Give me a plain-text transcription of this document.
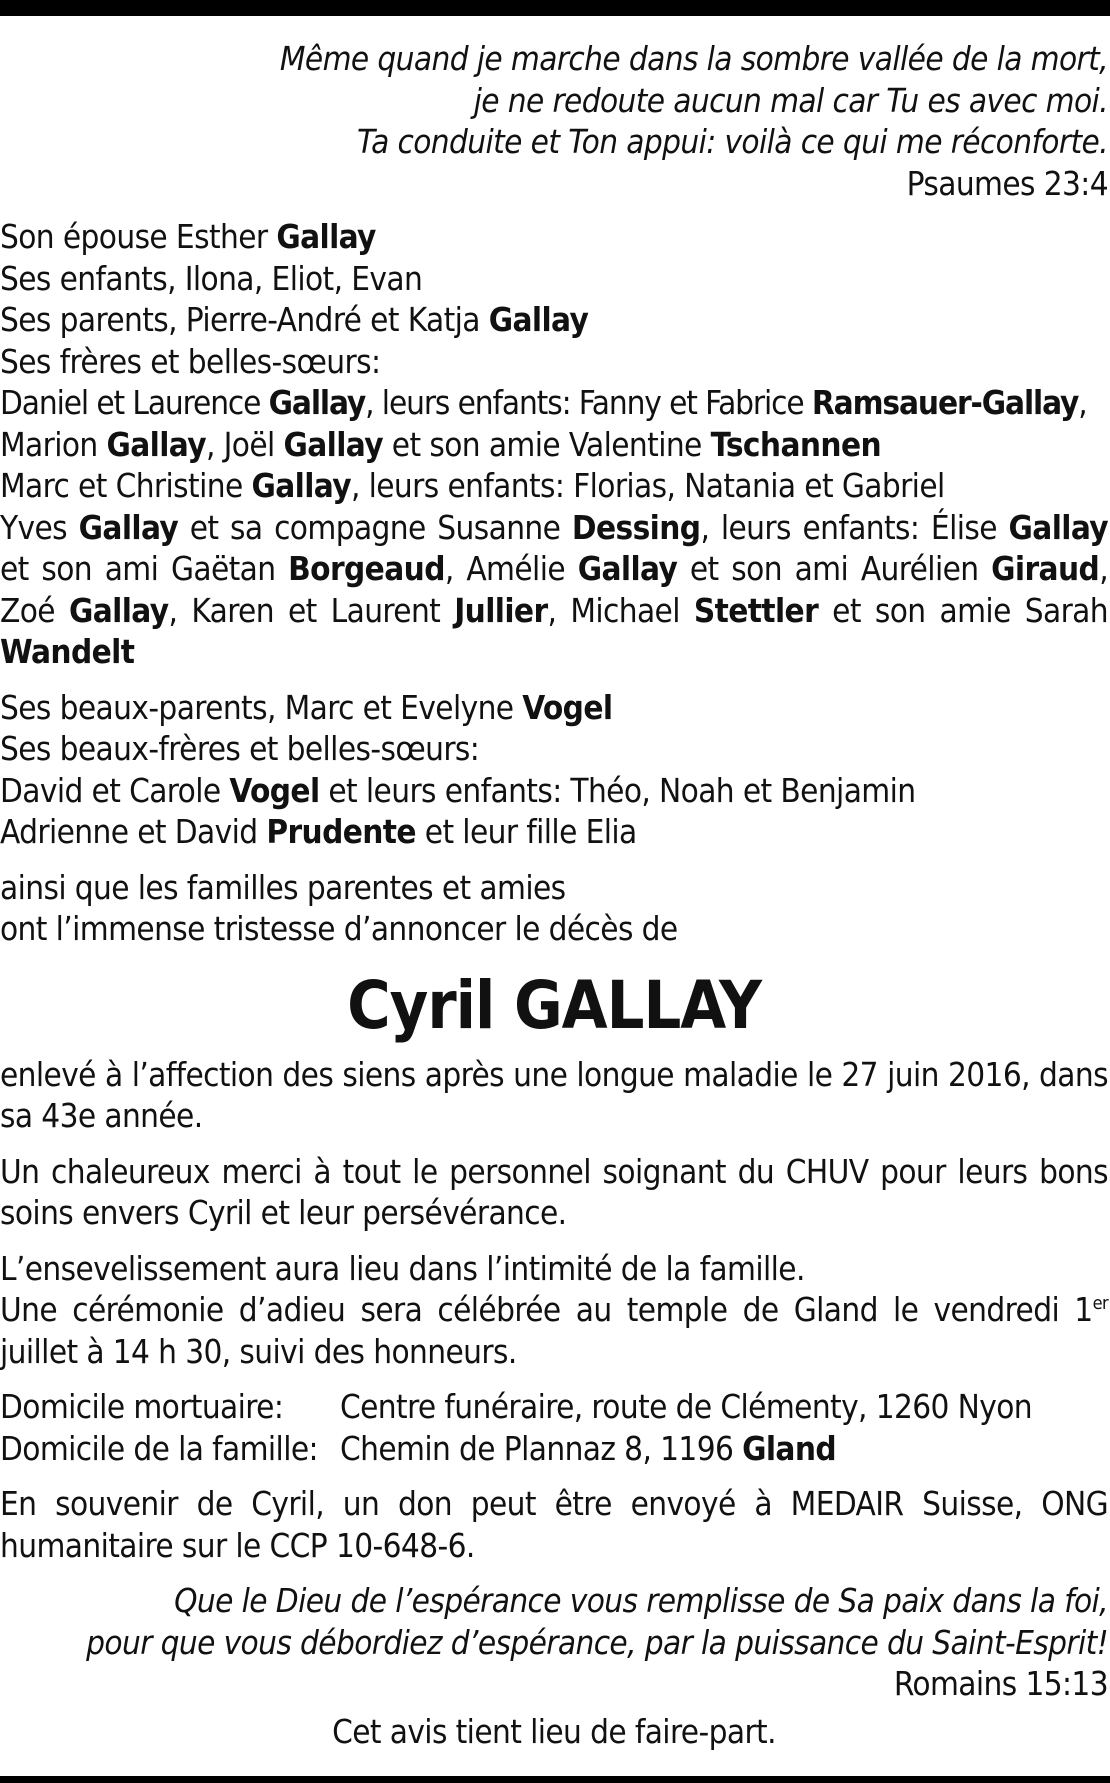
Même quand je marche dans la sombre vallée de la mort,
je ne redoute aucun mal car Tu es avec moi.
Ta conduite et Ton appui: voilà ce qui me réconforte.
Psaumes 23:4
Son épouse Esther Gallay
Ses enfants, Ilona, Eliot, Evan
Ses parents, Pierre-André et Katja Gallay
Ses frères et belles-sœurs:
Daniel et Laurence Gallay, leurs enfants: Fanny et Fabrice Ramsauer-Gallay,
Marion Gallay, Joël Gallay et son amie Valentine Tschannen
Marc et Christine Gallay, leurs enfants: Florias, Natania et Gabriel
Yves Gallay et sa compagne Susanne Dessing, leurs enfants: Élise Gallay et son ami Gaëtan Borgeaud, Amélie Gallay et son ami Aurélien Giraud, Zoé Gallay, Karen et Laurent Jullier, Michael Stettler et son amie Sarah Wandelt
Ses beaux-parents, Marc et Evelyne Vogel
Ses beaux-frères et belles-sœurs:
David et Carole Vogel et leurs enfants: Théo, Noah et Benjamin
Adrienne et David Prudente et leur fille Elia
ainsi que les familles parentes et amies
ont l’immense tristesse d’annoncer le décès de
Cyril GALLAY
enlevé à l’affection des siens après une longue maladie le 27 juin 2016, dans sa 43e année.
Un chaleureux merci à tout le personnel soignant du CHUV pour leurs bons soins envers Cyril et leur persévérance.
L’ensevelissement aura lieu dans l’intimité de la famille.
Une cérémonie d’adieu sera célébrée au temple de Gland le vendredi 1er juillet à 14 h 30, suivi des honneurs.
Domicile mortuaire: Centre funéraire, route de Clémenty, 1260 Nyon
Domicile de la famille: Chemin de Plannaz 8, 1196 Gland
En souvenir de Cyril, un don peut être envoyé à MEDAIR Suisse, ONG humanitaire sur le CCP 10-648-6.
Que le Dieu de l’espérance vous remplisse de Sa paix dans la foi,
pour que vous débordiez d’espérance, par la puissance du Saint-Esprit!
Romains 15:13
Cet avis tient lieu de faire-part.
